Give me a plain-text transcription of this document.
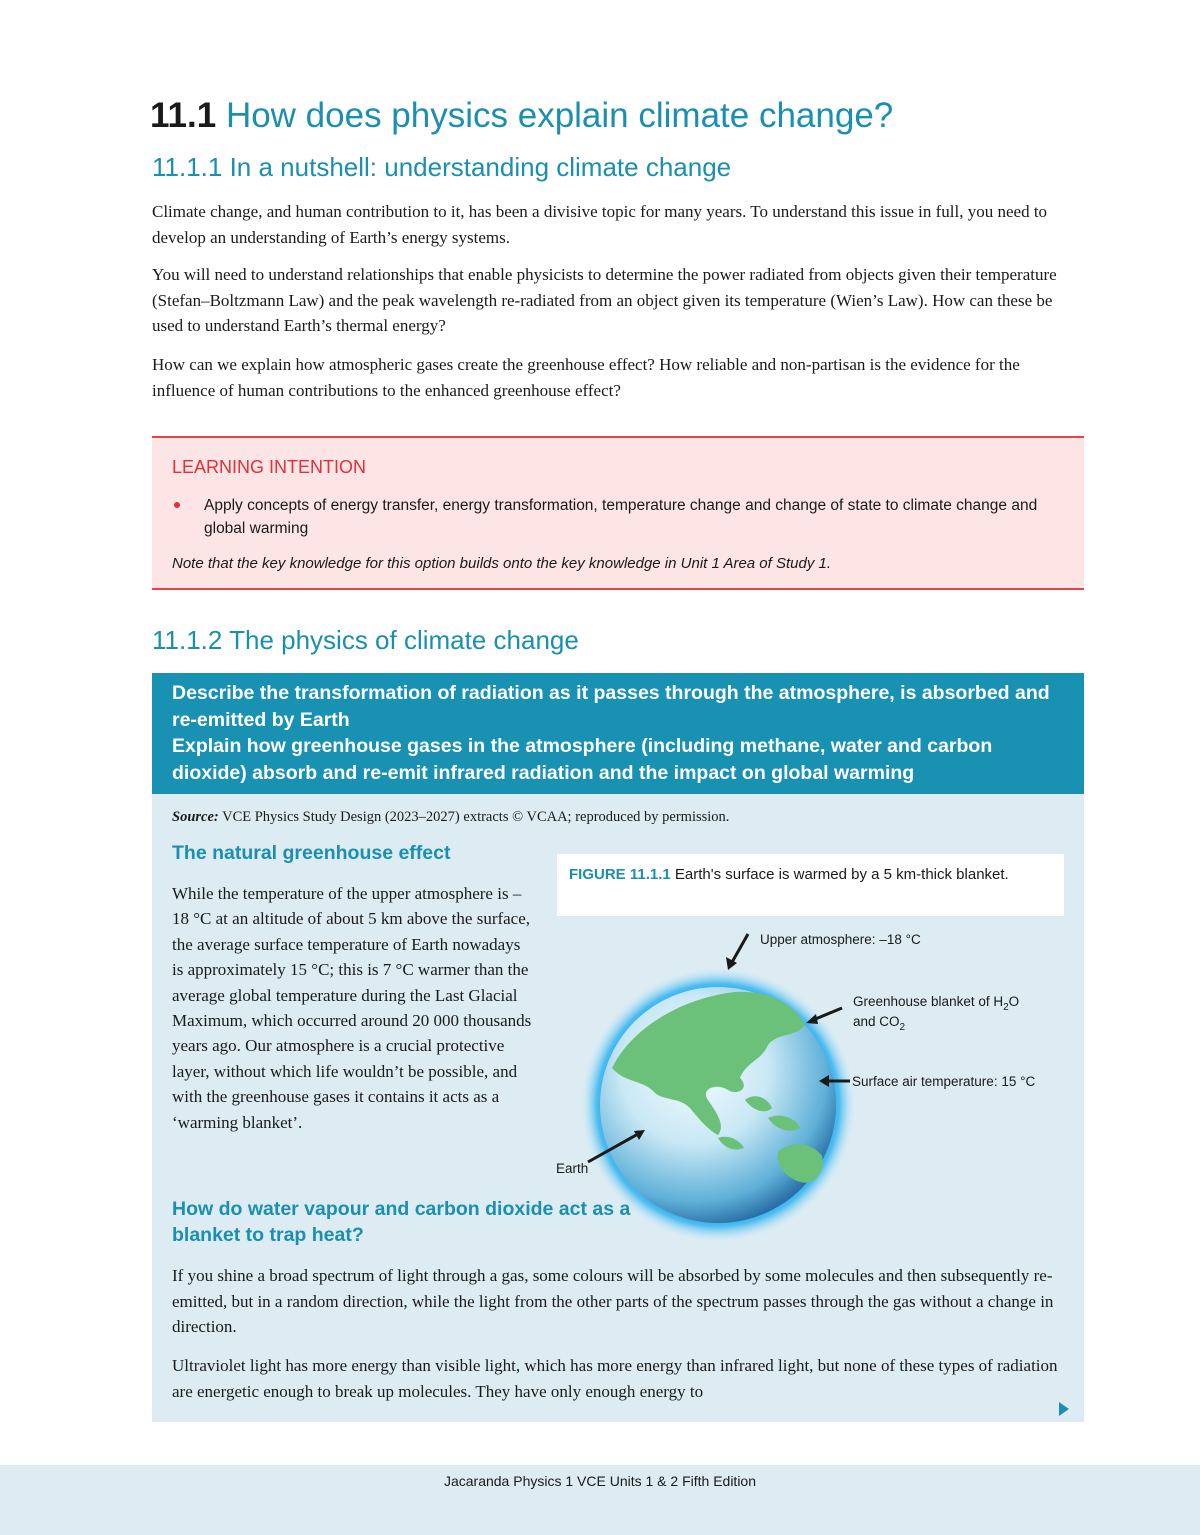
11.1 How does physics explain climate change?
11.1.1 In a nutshell: understanding climate change

Climate change, and human contribution to it, has been a divisive topic for many years. To understand this issue in full, you need to develop an understanding of Earth’s energy systems.

You will need to understand relationships that enable physicists to determine the power radiated from objects given their temperature (Stefan–Boltzmann Law) and the peak wavelength re-radiated from an object given its temperature (Wien’s Law). How can these be used to understand Earth’s thermal energy?

How can we explain how atmospheric gases create the greenhouse effect? How reliable and non-partisan is the evidence for the influence of human contributions to the enhanced greenhouse effect?

LEARNING INTENTION
Apply concepts of energy transfer, energy transformation, temperature change and change of state to climate change and global warming
Note that the key knowledge for this option builds onto the key knowledge in Unit 1 Area of Study 1.
11.1.2 The physics of climate change
Describe the transformation of radiation as it passes through the atmosphere, is absorbed and re-emitted by Earth
Explain how greenhouse gases in the atmosphere (including methane, water and carbon dioxide) absorb and re-emit infrared radiation and the impact on global warming
Source: VCE Physics Study Design (2023–2027) extracts © VCAA; reproduced by permission.
The natural greenhouse effect

While the temperature of the upper atmosphere is –18 °C at an altitude of about 5 km above the surface, the average surface temperature of Earth nowadays is approximately 15 °C; this is 7 °C warmer than the average global temperature during the Last Glacial Maximum, which occurred around 20 000 thousands years ago. Our atmosphere is a crucial protective layer, without which life wouldn’t be possible, and with the greenhouse gases it contains it acts as a ‘warming blanket’.

FIGURE 11.1.1 Earth's surface is warmed by a 5 km-thick blanket.
Upper atmosphere: –18 °C
Greenhouse blanket of $H_2O$
and $CO_2$
Surface air temperature: 15 °C
Earth
How do water vapour and carbon dioxide act as a blanket to trap heat?

If you shine a broad spectrum of light through a gas, some colours will be absorbed by some molecules and then subsequently re-emitted, but in a random direction, while the light from the other parts of the spectrum passes through the gas without a change in direction.

Ultraviolet light has more energy than visible light, which has more energy than infrared light, but none of these types of radiation are energetic enough to break up molecules. They have only enough energy to

Jacaranda Physics 1 VCE Units 1 & 2 Fifth Edition
